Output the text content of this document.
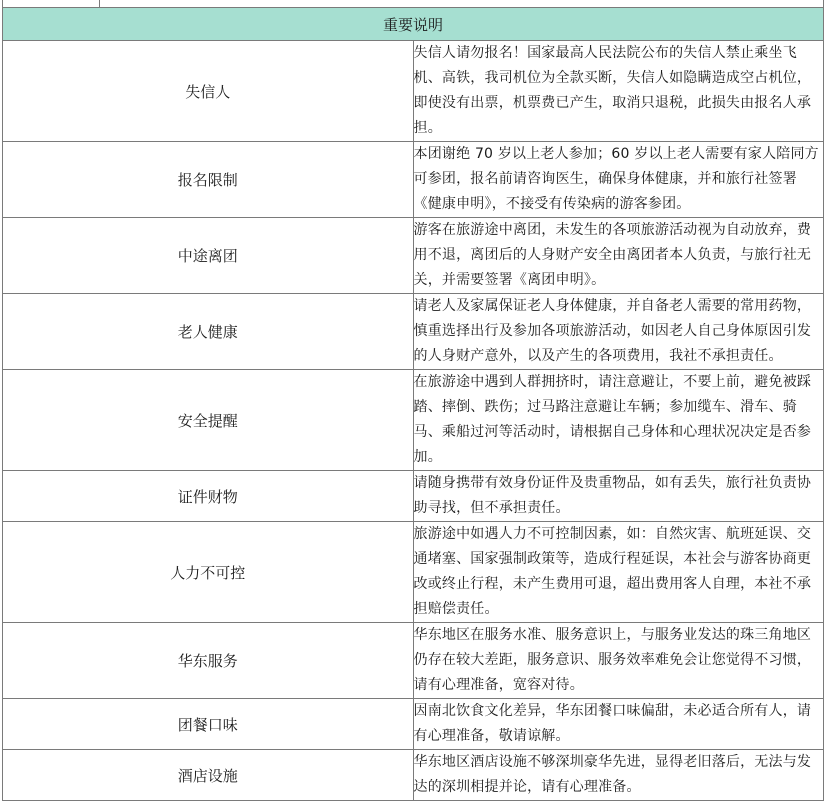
重要说明	
失信人	失信人请勿报名！国家最高人民法院公布的失信人禁止乘坐飞机、高铁，我司机位为全款买断，失信人如隐瞒造成空占机位，即使没有出票，机票费已产生，取消只退税，此损失由报名人承担。
报名限制	本团谢绝 70 岁以上老人参加；60 岁以上老人需要有家人陪同方可参团，报名前请咨询医生，确保身体健康，并和旅行社签署《健康申明》，不接受有传染病的游客参团。
中途离团	游客在旅游途中离团，未发生的各项旅游活动视为自动放弃，费用不退，离团后的人身财产安全由离团者本人负责，与旅行社无关，并需要签署《离团申明》。
老人健康	请老人及家属保证老人身体健康，并自备老人需要的常用药物，慎重选择出行及参加各项旅游活动，如因老人自己身体原因引发的人身财产意外，以及产生的各项费用，我社不承担责任。
安全提醒	在旅游途中遇到人群拥挤时，请注意避让，不要上前，避免被踩踏、摔倒、跌伤；过马路注意避让车辆；参加缆车、滑车、骑马、乘船过河等活动时，请根据自己身体和心理状况决定是否参加。
证件财物	请随身携带有效身份证件及贵重物品，如有丢失，旅行社负责协助寻找，但不承担责任。
人力不可控	旅游途中如遇人力不可控制因素，如：自然灾害、航班延误、交通堵塞、国家强制政策等，造成行程延误，本社会与游客协商更改或终止行程，未产生费用可退，超出费用客人自理，本社不承担赔偿责任。
华东服务	华东地区在服务水准、服务意识上，与服务业发达的珠三角地区仍存在较大差距，服务意识、服务效率难免会让您觉得不习惯，请有心理准备，宽容对待。
团餐口味	因南北饮食文化差异，华东团餐口味偏甜，未必适合所有人，请有心理准备，敬请谅解。
酒店设施	华东地区酒店设施不够深圳豪华先进，显得老旧落后，无法与发达的深圳相提并论，请有心理准备。
